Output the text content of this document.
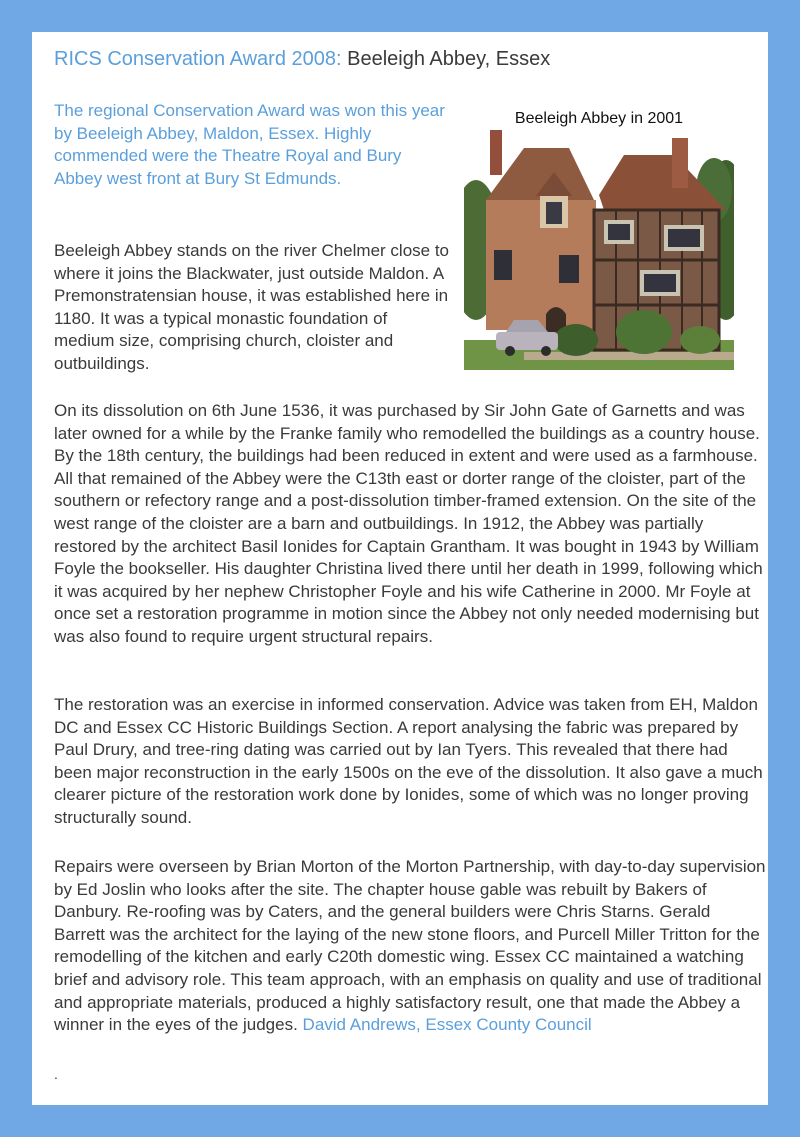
RICS Conservation Award 2008: Beeleigh Abbey, Essex

The regional Conservation Award was won this year by Beeleigh Abbey, Maldon, Essex. Highly commended were the Theatre Royal and Bury Abbey west front at Bury St Edmunds.

Beeleigh Abbey in 2001

Beeleigh Abbey stands on the river Chelmer close to where it joins the Blackwater, just outside Maldon. A Premonstratensian house, it was established here in 1180. It was a typical monastic foundation of medium size, comprising church, cloister and outbuildings.

On its dissolution on 6th June 1536, it was purchased by Sir John Gate of Garnetts and was later owned for a while by the Franke family who remodelled the buildings as a country house. By the 18th century, the buildings had been reduced in extent and were used as a farmhouse. All that remained of the Abbey were the C13th east or dorter range of the cloister, part of the southern or refectory range and a post-dissolution timber-framed extension. On the site of the west range of the cloister are a barn and outbuildings. In 1912, the Abbey was partially restored by the architect Basil Ionides for Captain Grantham. It was bought in 1943 by William Foyle the bookseller. His daughter Christina lived there until her death in 1999, following which it was acquired by her nephew Christopher Foyle and his wife Catherine in 2000. Mr Foyle at once set a restoration programme in motion since the Abbey not only needed modernising but was also found to require urgent structural repairs.

The restoration was an exercise in informed conservation. Advice was taken from EH, Maldon DC and Essex CC Historic Buildings Section. A report analysing the fabric was prepared by Paul Drury, and tree-ring dating was carried out by Ian Tyers. This revealed that there had been major reconstruction in the early 1500s on the eve of the dissolution. It also gave a much clearer picture of the restoration work done by Ionides, some of which was no longer proving structurally sound.

Repairs were overseen by Brian Morton of the Morton Partnership, with day-to-day supervision by Ed Joslin who looks after the site. The chapter house gable was rebuilt by Bakers of Danbury. Re-roofing was by Caters, and the general builders were Chris Starns. Gerald Barrett was the architect for the laying of the new stone floors, and Purcell Miller Tritton for the remodelling of the kitchen and early C20th domestic wing. Essex CC maintained a watching brief and advisory role. This team approach, with an emphasis on quality and use of traditional and appropriate materials, produced a highly satisfactory result, one that made the Abbey a winner in the eyes of the judges. David Andrews, Essex County Council

.
